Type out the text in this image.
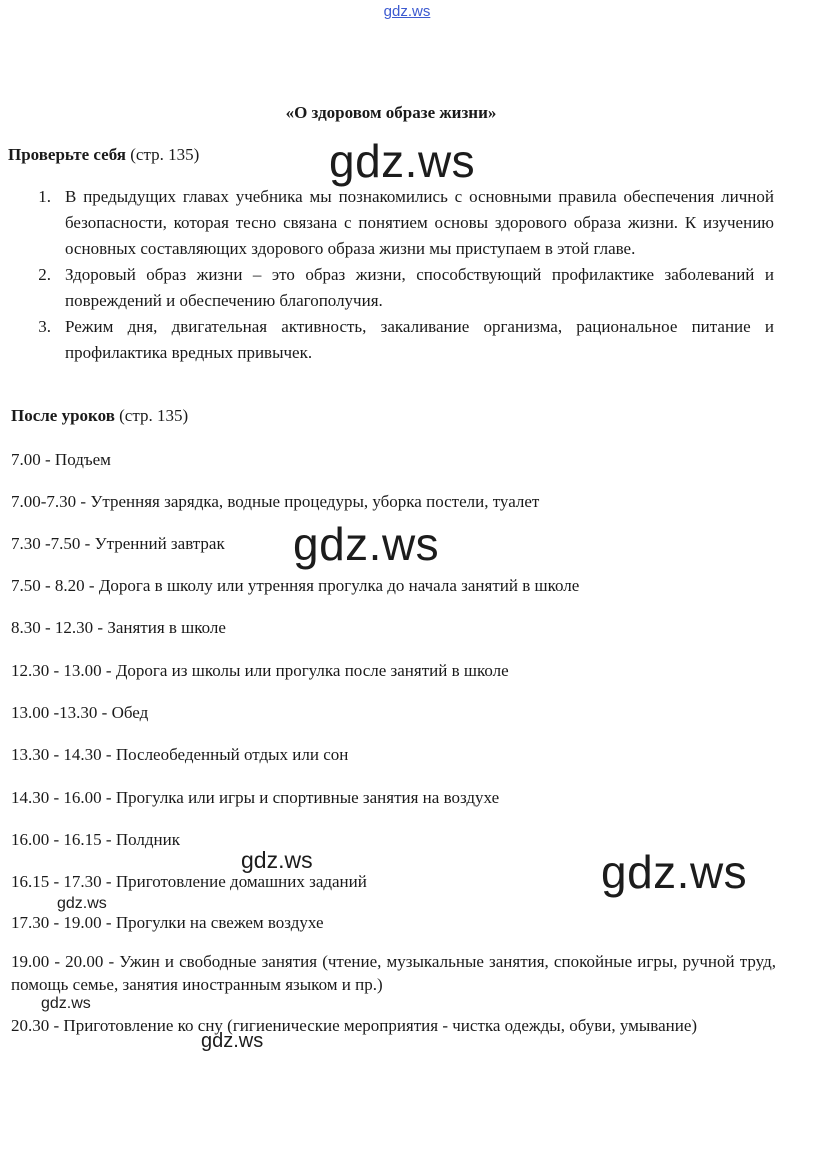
gdz.ws
«О здоровом образе жизни»
Проверьте себя (стр. 135)
1. В предыдущих главах учебника мы познакомились с основными правила обеспечения личной безопасности, которая тесно связана с понятием основы здорового образа жизни. К изучению основных составляющих здорового образа жизни мы приступаем в этой главе.
2. Здоровый образ жизни – это образ жизни, способствующий профилактике заболеваний и повреждений и обеспечению благополучия.
3. Режим дня, двигательная активность, закаливание организма, рациональное питание и профилактика вредных привычек.
После уроков (стр. 135)
7.00 - Подъем
7.00-7.30 - Утренняя зарядка, водные процедуры, уборка постели, туалет
7.30 -7.50 - Утренний завтрак
7.50 - 8.20 - Дорога в школу или утренняя прогулка до начала занятий в школе
8.30 - 12.30 - Занятия в школе
12.30 - 13.00 - Дорога из школы или прогулка после занятий в школе
13.00 -13.30 - Обед
13.30 - 14.30 - Послеобеденный отдых или сон
14.30 - 16.00 - Прогулка или игры и спортивные занятия на воздухе
16.00 - 16.15 - Полдник
16.15 - 17.30 - Приготовление домашних заданий
17.30 - 19.00 - Прогулки на свежем воздухе
19.00 - 20.00 - Ужин и свободные занятия (чтение, музыкальные занятия, спокойные игры, ручной труд, помощь семье, занятия иностранным языком и пр.)
20.30 - Приготовление ко сну (гигиенические мероприятия - чистка одежды, обуви, умывание)
gdz.ws
gdz.ws
gdz.ws
gdz.ws
gdz.ws
gdz.ws
gdz.ws
